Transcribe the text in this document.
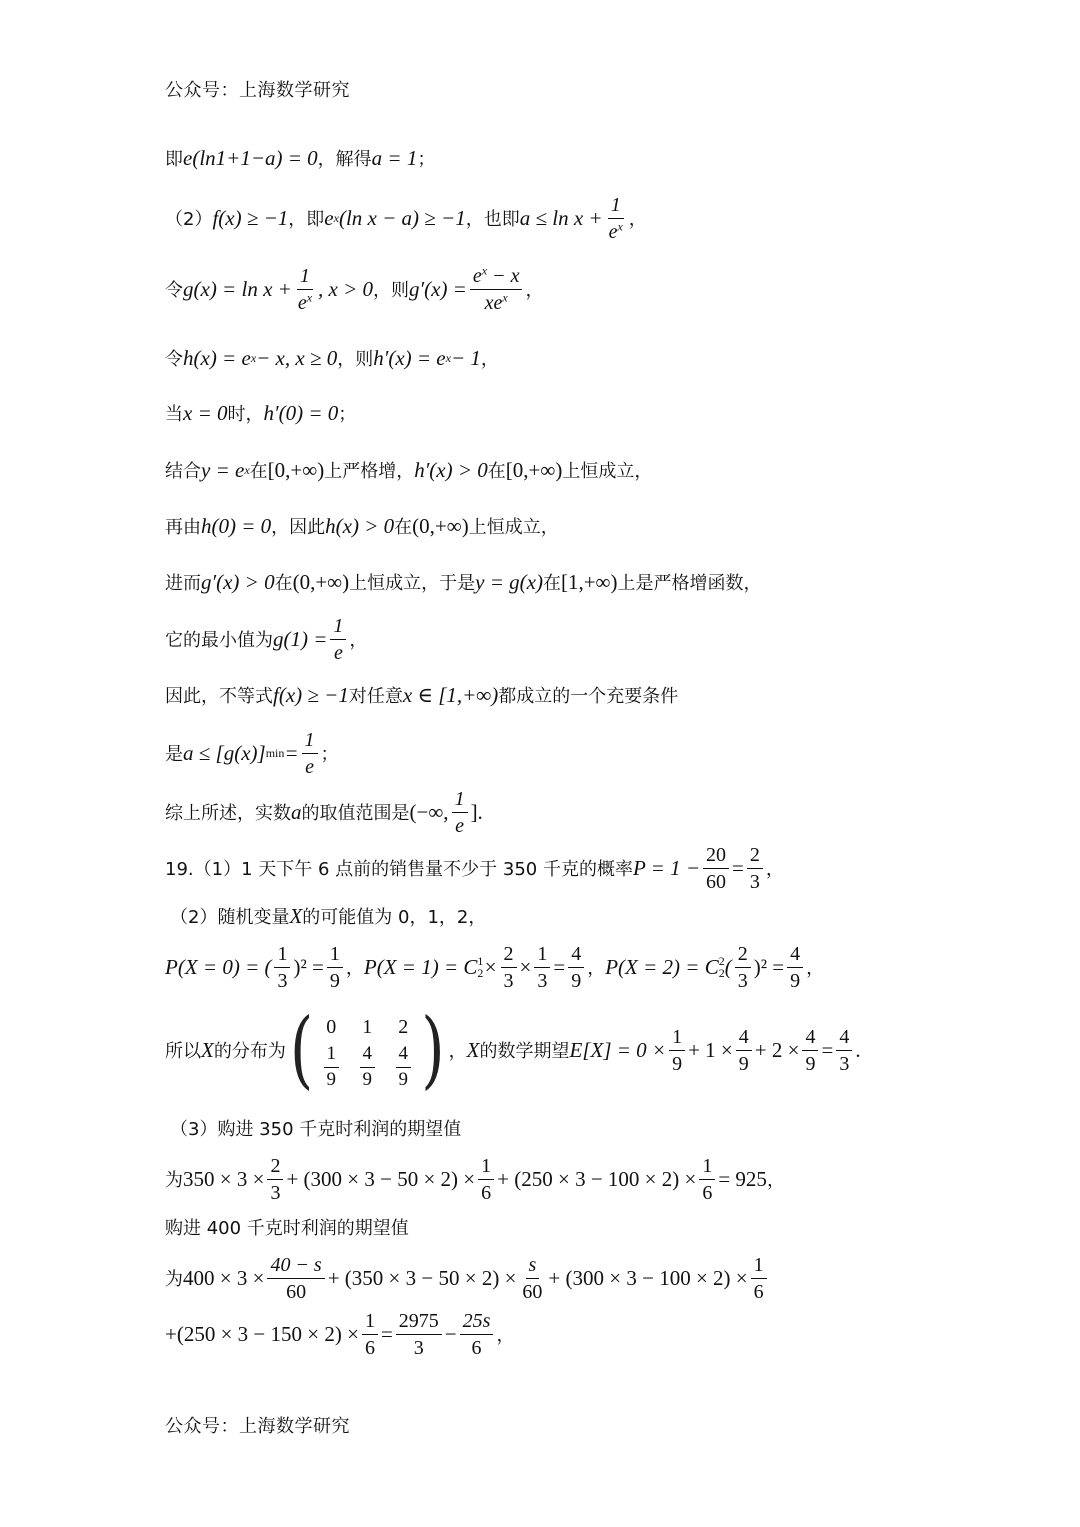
公众号：上海数学研究
即 e(ln1+1−a) = 0 ，解得 a = 1 ；
（2） f(x) ≥ −1 ，即 e x (ln x − a) ≥ −1 ，也即 $a \le \ln x + \frac{1}{e^x}$ ，
令 $g(x) = \ln x + \frac{1}{e^x}$ , x > 0 ，则 $g'(x) = \frac{e^x - x}{xe^x}$ ，
令 h(x) = e x − x, x ≥ 0 ，则 h′(x) = e x − 1 ，
当 x = 0 时， h′(0) = 0 ；
结合 y = e x 在 [0,+∞) 上严格增， h′(x) > 0 在 [0,+∞) 上恒成立，
再由 h(0) = 0 ，因此 h(x) > 0 在 (0,+∞) 上恒成立，
进而 g′(x) > 0 在 (0,+∞) 上恒成立，于是 y = g(x) 在 [1,+∞) 上是严格增函数，
它的最小值为 $g(1) = \frac{1}{e}$ ，
因此，不等式 f(x) ≥ −1 对任意 x ∈ [1,+∞) 都成立的一个充要条件
是 a ≤ [g(x)] $\min = \frac{1}{e}$ ；
综上所述，实数 a 的取值范围是 (−∞, $\frac{1}{e}$ ].
19.（1）1 天下午 6 点前的销售量不少于 350 千克的概率 $P = 1 - \frac{20}{60} = \frac{2}{3}$ ，
（2）随机变量 X 的可能值为 0，1，2，
P(X = 0) = ( $\frac{1}{3} )^2 = \frac{1}{9}$ ， P(X = 1) = C 1
$2 \times \frac{2}{3} \times \frac{1}{3} = \frac{4}{9}$ ， P(X = 2) = C 2
2 ( $\frac{2}{3} )^2 = \frac{4}{9}$ ，
所以 X 的分布为 ( 0 1 2
$\frac{1}{9} \frac{4}{9} \frac{4}{9}$ ) ， X 的数学期望 $E[X] = 0 \times \frac{1}{9} + 1 \times \frac{4}{9} + 2 \times \frac{4}{9} = \frac{4}{3}$ .
（3）购进 350 千克时利润的期望值
为 $350 \times 3 \times \frac{2}{3} + (300 \times 3 - 50 \times 2) \times \frac{1}{6} + (250 \times 3 - 100 \times 2) \times \frac{1}{6} = 925$ ，
购进 400 千克时利润的期望值
为 $400 \times 3 \times \frac{40 - s}{60} + (350 \times 3 - 50 \times 2) \times \frac{s}{60} + (300 \times 3 - 100 \times 2) \times \frac{1}{6}$
$+(250 \times 3 - 150 \times 2) \times \frac{1}{6} = \frac{2975}{3} - \frac{25s}{6}$ ，
公众号：上海数学研究
